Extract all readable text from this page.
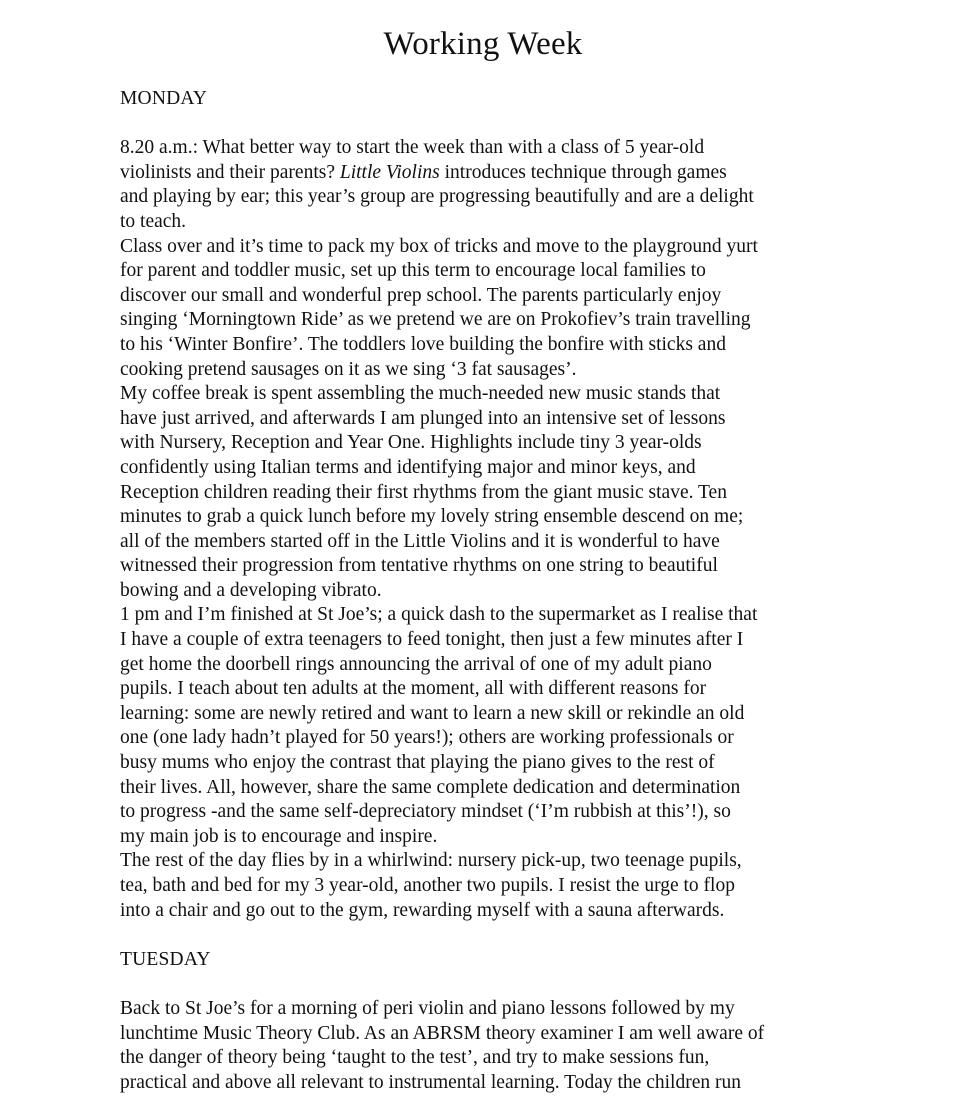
Working Week

MONDAY

8.20 a.m.: What better way to start the week than with a class of 5 year-old
violinists and their parents? Little Violins introduces technique through games
and playing by ear; this year’s group are progressing beautifully and are a delight
to teach.

Class over and it’s time to pack my box of tricks and move to the playground yurt
for parent and toddler music, set up this term to encourage local families to
discover our small and wonderful prep school. The parents particularly enjoy
singing ‘Morningtown Ride’ as we pretend we are on Prokofiev’s train travelling
to his ‘Winter Bonfire’. The toddlers love building the bonfire with sticks and
cooking pretend sausages on it as we sing ‘3 fat sausages’.

My coffee break is spent assembling the much-needed new music stands that
have just arrived, and afterwards I am plunged into an intensive set of lessons
with Nursery, Reception and Year One. Highlights include tiny 3 year-olds
confidently using Italian terms and identifying major and minor keys, and
Reception children reading their first rhythms from the giant music stave. Ten
minutes to grab a quick lunch before my lovely string ensemble descend on me;
all of the members started off in the Little Violins and it is wonderful to have
witnessed their progression from tentative rhythms on one string to beautiful
bowing and a developing vibrato.

1 pm and I’m finished at St Joe’s; a quick dash to the supermarket as I realise that
I have a couple of extra teenagers to feed tonight, then just a few minutes after I
get home the doorbell rings announcing the arrival of one of my adult piano
pupils. I teach about ten adults at the moment, all with different reasons for
learning: some are newly retired and want to learn a new skill or rekindle an old
one (one lady hadn’t played for 50 years!); others are working professionals or
busy mums who enjoy the contrast that playing the piano gives to the rest of
their lives. All, however, share the same complete dedication and determination
to progress -and the same self-depreciatory mindset (‘I’m rubbish at this’!), so
my main job is to encourage and inspire.

The rest of the day flies by in a whirlwind: nursery pick-up, two teenage pupils,
tea, bath and bed for my 3 year-old, another two pupils. I resist the urge to flop
into a chair and go out to the gym, rewarding myself with a sauna afterwards.

TUESDAY

Back to St Joe’s for a morning of peri violin and piano lessons followed by my
lunchtime Music Theory Club. As an ABRSM theory examiner I am well aware of
the danger of theory being ‘taught to the test’, and try to make sessions fun,
practical and above all relevant to instrumental learning. Today the children run
